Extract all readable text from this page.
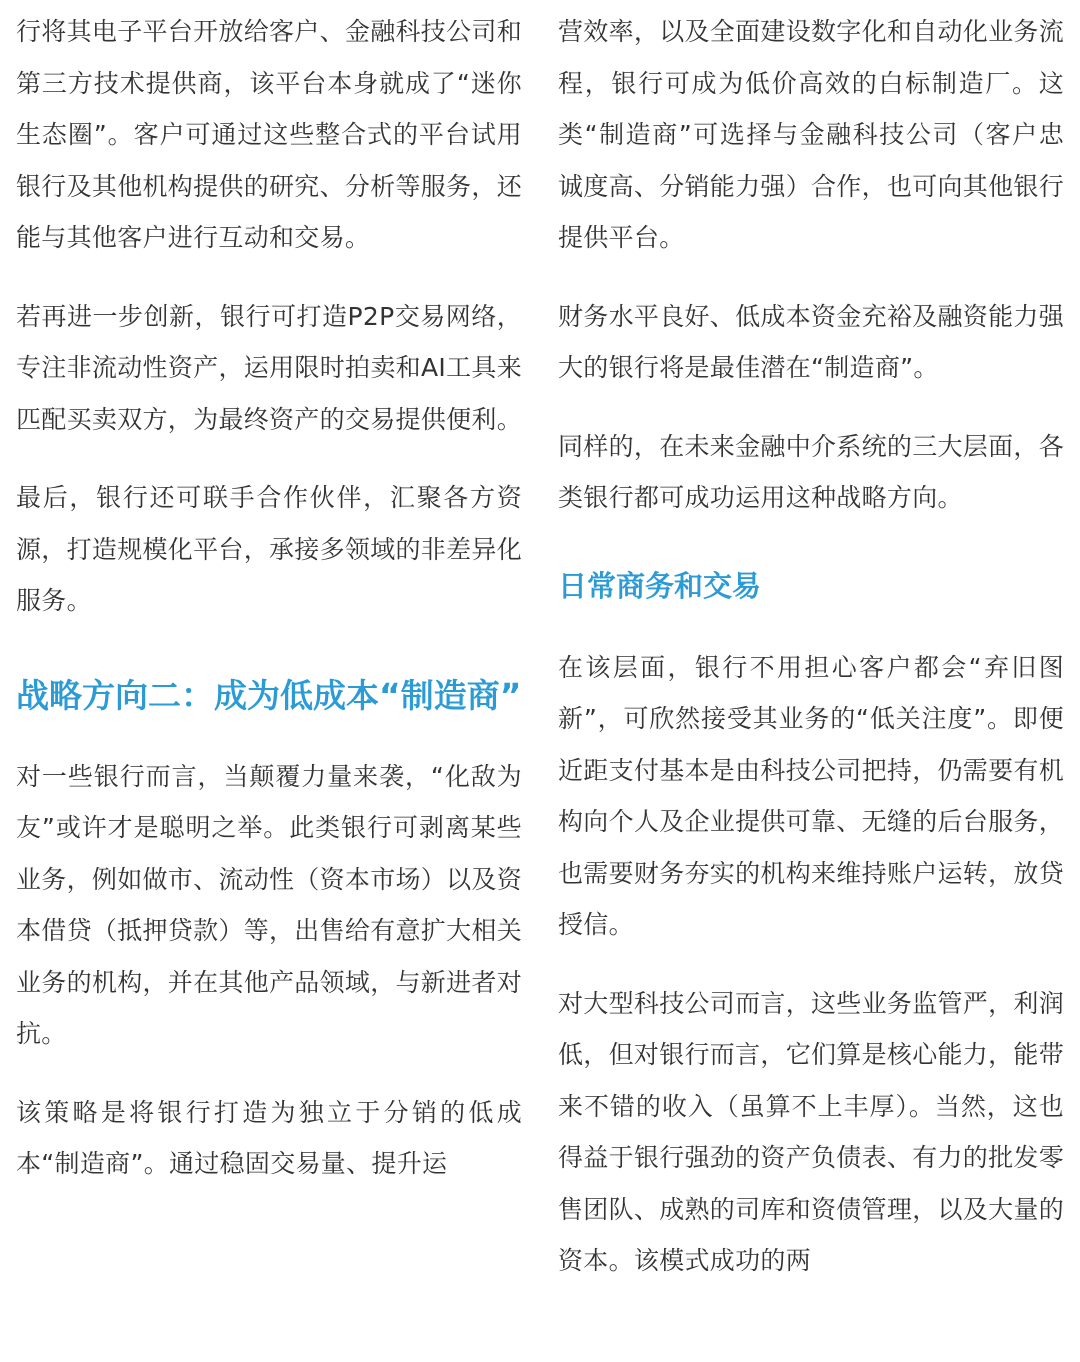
行将其电子平台开放给客户、金融科技公司和第三方技术提供商，该平台本身就成了“迷你生态圈”。客户可通过这些整合式的平台试用银行及其他机构提供的研究、分析等服务，还能与其他客户进行互动和交易。

若再进一步创新，银行可打造P2P交易网络，专注非流动性资产，运用限时拍卖和AI工具来匹配买卖双方，为最终资产的交易提供便利。

最后，银行还可联手合作伙伴，汇聚各方资源，打造规模化平台，承接多领域的非差异化服务。

战略方向二：成为低成本“制造商”

对一些银行而言，当颠覆力量来袭，“化敌为友”或许才是聪明之举。此类银行可剥离某些业务，例如做市、流动性（资本市场）以及资本借贷（抵押贷款）等，出售给有意扩大相关业务的机构，并在其他产品领域，与新进者对抗。

该策略是将银行打造为独立于分销的低成本“制造商”。通过稳固交易量、提升运

营效率，以及全面建设数字化和自动化业务流程，银行可成为低价高效的白标制造厂。这类“制造商”可选择与金融科技公司（客户忠诚度高、分销能力强）合作，也可向其他银行提供平台。

财务水平良好、低成本资金充裕及融资能力强大的银行将是最佳潜在“制造商”。

同样的，在未来金融中介系统的三大层面，各类银行都可成功运用这种战略方向。

日常商务和交易

在该层面，银行不用担心客户都会“弃旧图新”，可欣然接受其业务的“低关注度”。即便近距支付基本是由科技公司把持，仍需要有机构向个人及企业提供可靠、无缝的后台服务，也需要财务夯实的机构来维持账户运转，放贷授信。

对大型科技公司而言，这些业务监管严，利润低，但对银行而言，它们算是核心能力，能带来不错的收入（虽算不上丰厚）。当然，这也得益于银行强劲的资产负债表、有力的批发零售团队、成熟的司库和资债管理，以及大量的资本。该模式成功的两
